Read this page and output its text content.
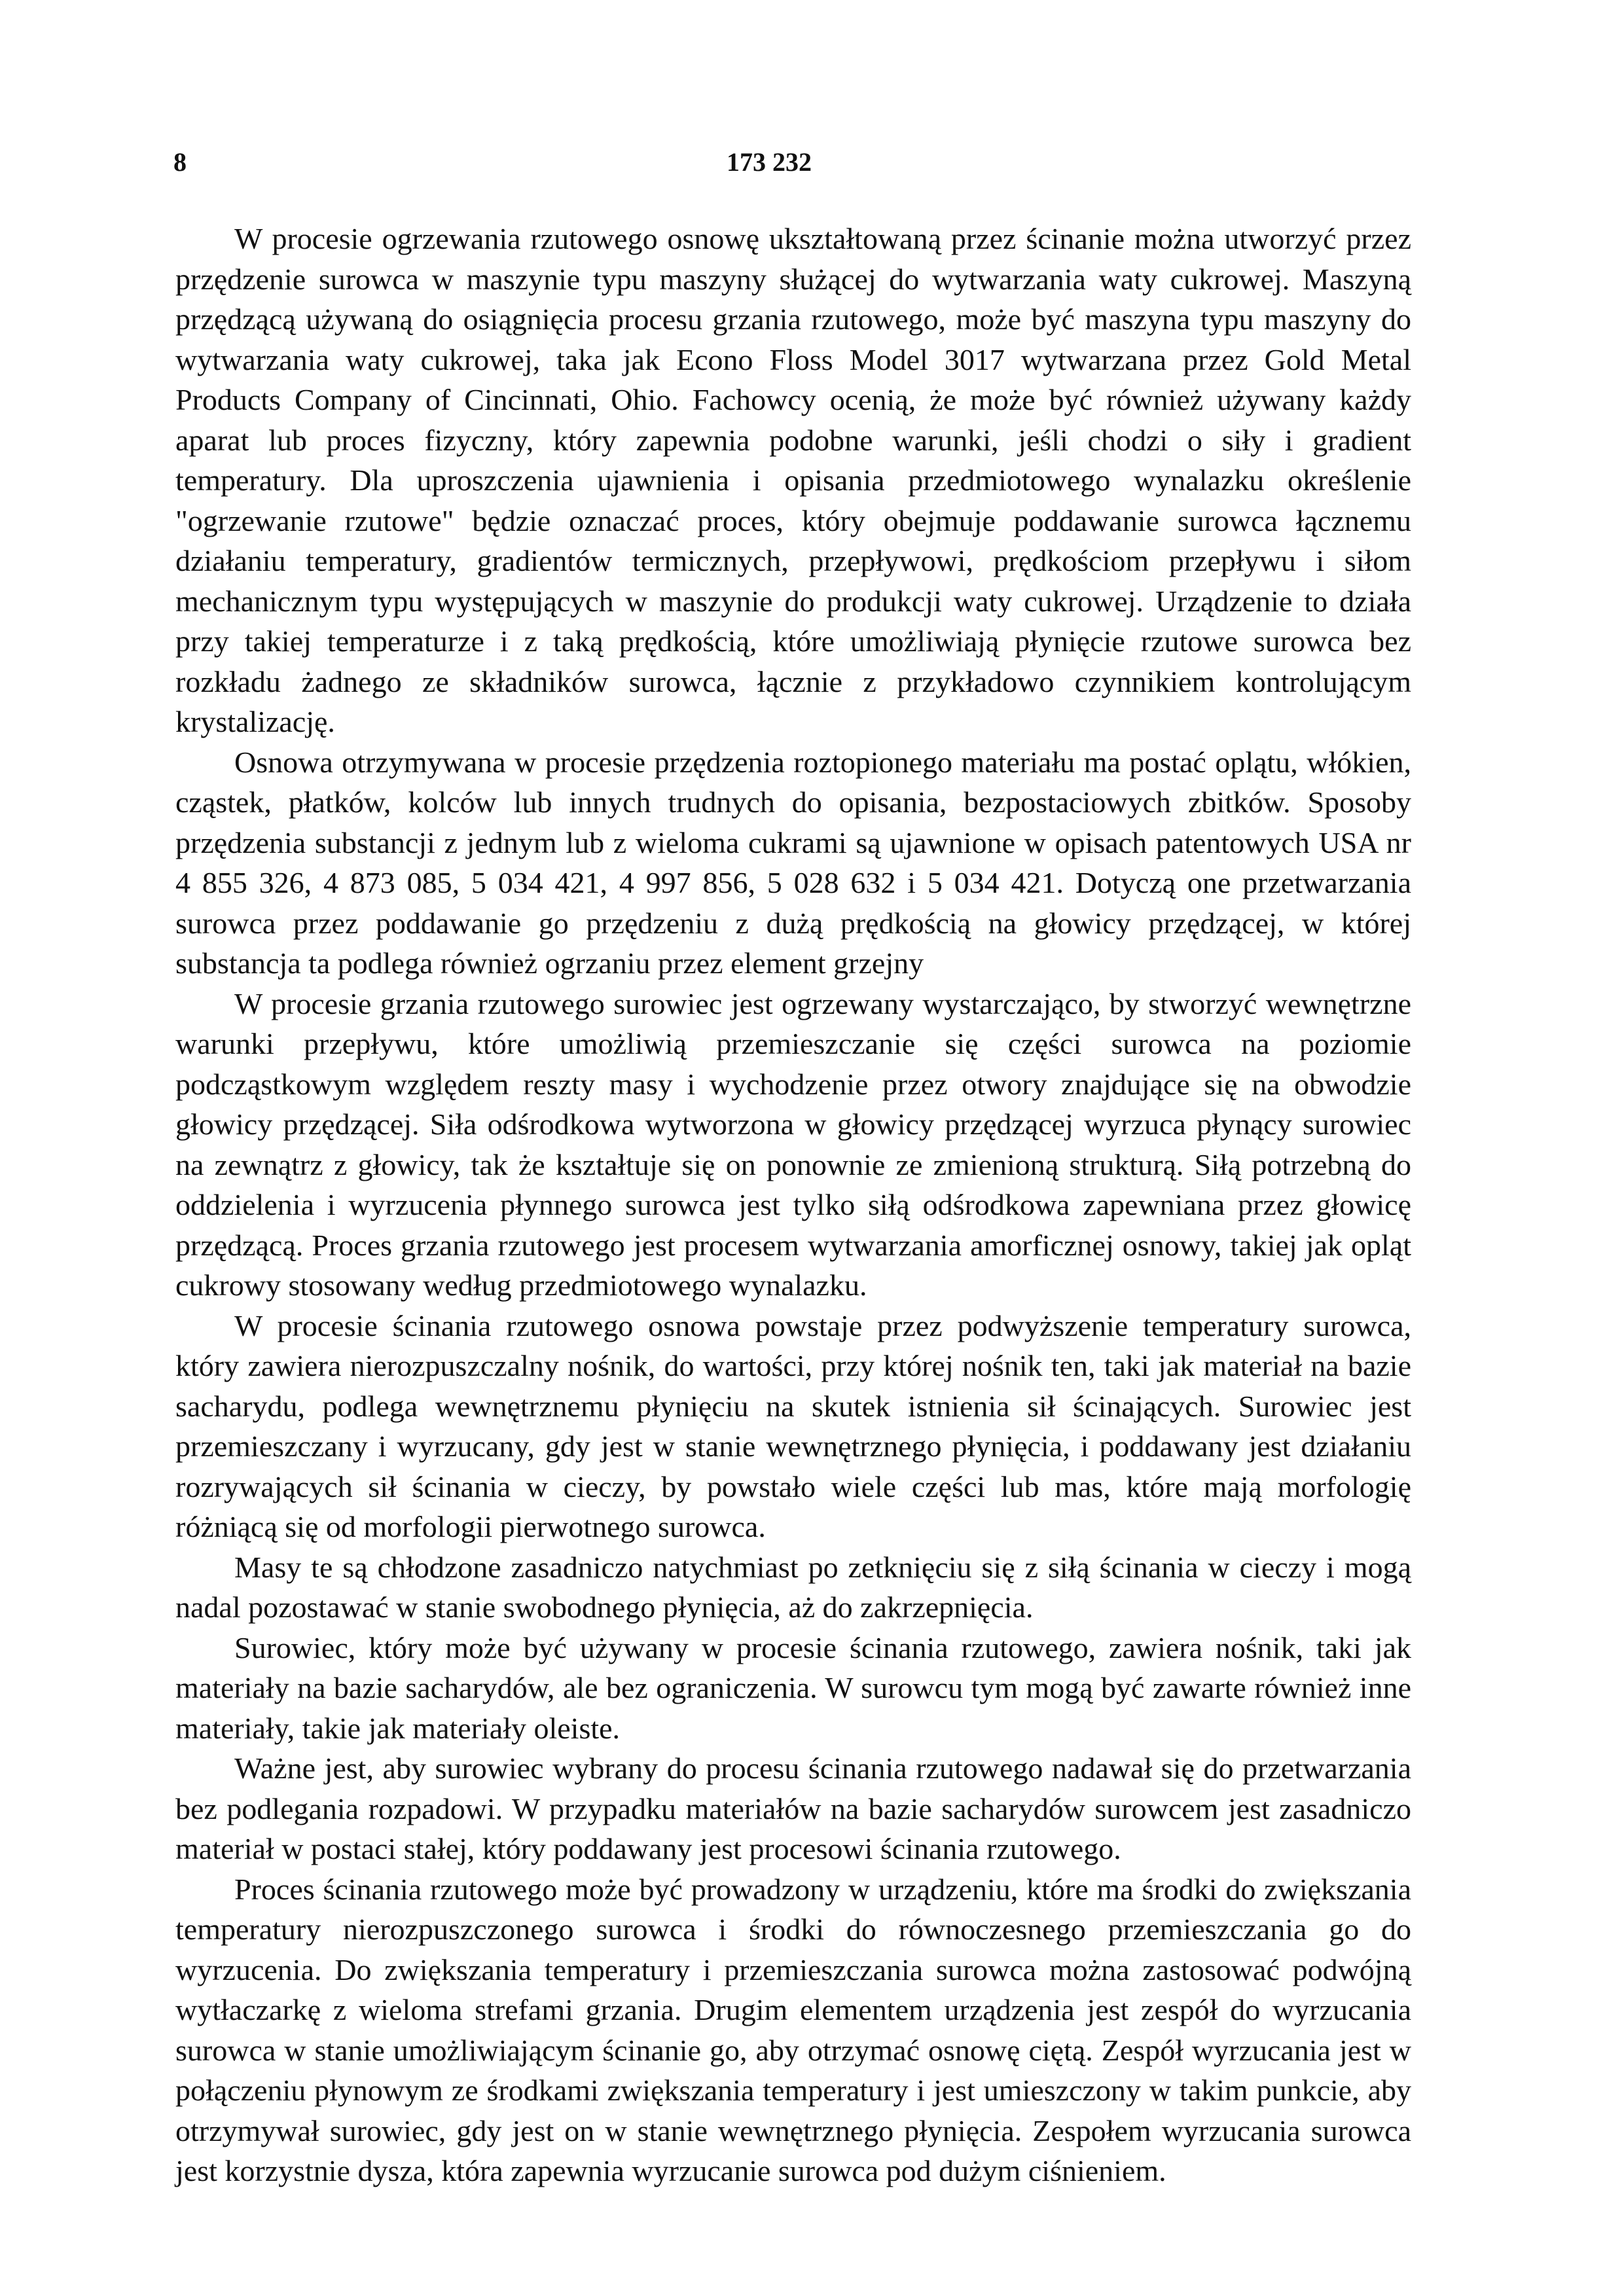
8	173 232

W procesie ogrzewania rzutowego osnowę ukształtowaną przez ścinanie można utworzyć przez przędzenie surowca w maszynie typu maszyny służącej do wytwarzania waty cukrowej. Maszyną przędzącą używaną do osiągnięcia procesu grzania rzutowego, może być maszyna typu maszyny do wytwarzania waty cukrowej, taka jak Econo Floss Model 3017 wytwarzana przez Gold Metal Products Company of Cincinnati, Ohio. Fachowcy ocenią, że może być również używany każdy aparat lub proces fizyczny, który zapewnia podobne warunki, jeśli chodzi o siły i gradient temperatury. Dla uproszczenia ujawnienia i opisania przedmiotowego wynalazku określenie "ogrzewanie rzutowe" będzie oznaczać proces, który obejmuje poddawanie surowca łącznemu działaniu temperatury, gradientów termicznych, przepływowi, prędkościom przepływu i siłom mechanicznym typu występujących w maszynie do produkcji waty cukrowej. Urządzenie to działa przy takiej temperaturze i z taką prędkością, które umożliwiają płynięcie rzutowe surowca bez rozkładu żadnego ze składników surowca, łącznie z przykładowo czynnikiem kontrolującym krystalizację.

Osnowa otrzymywana w procesie przędzenia roztopionego materiału ma postać oplątu, włókien, cząstek, płatków, kolców lub innych trudnych do opisania, bezpostaciowych zbitków. Sposoby przędzenia substancji z jednym lub z wieloma cukrami są ujawnione w opisach patentowych USA nr 4 855 326, 4 873 085, 5 034 421, 4 997 856, 5 028 632 i 5 034 421. Dotyczą one przetwarzania surowca przez poddawanie go przędzeniu z dużą prędkością na głowicy przędzącej, w której substancja ta podlega również ogrzaniu przez element grzejny

W procesie grzania rzutowego surowiec jest ogrzewany wystarczająco, by stworzyć wewnętrzne warunki przepływu, które umożliwią przemieszczanie się części surowca na poziomie podcząstkowym względem reszty masy i wychodzenie przez otwory znajdujące się na obwodzie głowicy przędzącej. Siła odśrodkowa wytworzona w głowicy przędzącej wyrzuca płynący surowiec na zewnątrz z głowicy, tak że kształtuje się on ponownie ze zmienioną strukturą. Siłą potrzebną do oddzielenia i wyrzucenia płynnego surowca jest tylko siłą odśrodkowa zapewniana przez głowicę przędzącą. Proces grzania rzutowego jest procesem wytwarzania amorficznej osnowy, takiej jak opląt cukrowy stosowany według przedmiotowego wynalazku.

W procesie ścinania rzutowego osnowa powstaje przez podwyższenie temperatury surowca, który zawiera nierozpuszczalny nośnik, do wartości, przy której nośnik ten, taki jak materiał na bazie sacharydu, podlega wewnętrznemu płynięciu na skutek istnienia sił ścinających. Surowiec jest przemieszczany i wyrzucany, gdy jest w stanie wewnętrznego płynięcia, i poddawany jest działaniu rozrywających sił ścinania w cieczy, by powstało wiele części lub mas, które mają morfologię różniącą się od morfologii pierwotnego surowca.

Masy te są chłodzone zasadniczo natychmiast po zetknięciu się z siłą ścinania w cieczy i mogą nadal pozostawać w stanie swobodnego płynięcia, aż do zakrzepnięcia.

Surowiec, który może być używany w procesie ścinania rzutowego, zawiera nośnik, taki jak materiały na bazie sacharydów, ale bez ograniczenia. W surowcu tym mogą być zawarte również inne materiały, takie jak materiały oleiste.

Ważne jest, aby surowiec wybrany do procesu ścinania rzutowego nadawał się do przetwarzania bez podlegania rozpadowi. W przypadku materiałów na bazie sacharydów surowcem jest zasadniczo materiał w postaci stałej, który poddawany jest procesowi ścinania rzutowego.

Proces ścinania rzutowego może być prowadzony w urządzeniu, które ma środki do zwiększania temperatury nierozpuszczonego surowca i środki do równoczesnego przemieszczania go do wyrzucenia. Do zwiększania temperatury i przemieszczania surowca można zastosować podwójną wytłaczarkę z wieloma strefami grzania. Drugim elementem urządzenia jest zespół do wyrzucania surowca w stanie umożliwiającym ścinanie go, aby otrzymać osnowę ciętą. Zespół wyrzucania jest w połączeniu płynowym ze środkami zwiększania temperatury i jest umieszczony w takim punkcie, aby otrzymywał surowiec, gdy jest on w stanie wewnętrznego płynięcia. Zespołem wyrzucania surowca jest korzystnie dysza, która zapewnia wyrzucanie surowca pod dużym ciśnieniem.
